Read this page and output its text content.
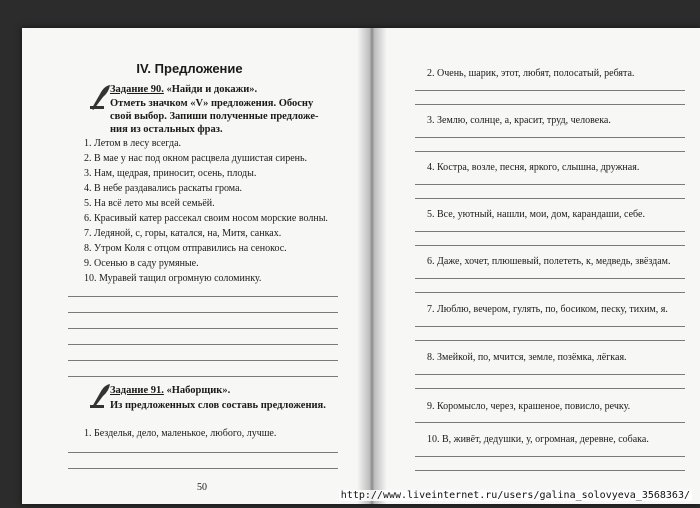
IV. Предложение
Задание 90. «Найди и докажи».
Отметь значком «V» предложения. Обосну
свой выбор. Запиши полученные предложе-
ния из остальных фраз.
1. Летом в лесу всегда.
2. В мае у нас под окном расцвела душистая сирень.
3. Нам, щедрая, приносит, осень, плоды.
4. В небе раздавались раскаты грома.
5. На всё лето мы всей семьёй.
6. Красивый катер рассекал своим носом морские волны.
7. Ледяной, с, горы, катался, на, Митя, санках.
8. Утром Коля с отцом отправились на сенокос.
9. Осенью в саду румяные.
10. Муравей тащил огромную соломинку.
Задание 91. «Наборщик».
Из предложенных слов составь предложения.
1. Безделья, дело, маленькое, любого, лучше.
50
2. Очень, шарик, этот, любят, полосатый, ребята.
3. Землю, солнце, а, красит, труд, человека.
4. Костра, возле, песня, яркого, слышна, дружная.
5. Все, уютный, нашли, мои, дом, карандаши, себе.
6. Даже, хочет, плюшевый, полететь, к, медведь, звёздам.
7. Люблю, вечером, гулять, по, босиком, песку, тихим, я.
8. Змейкой, по, мчится, земле, позёмка, лёгкая.
9. Коромысло, через, крашеное, повисло, речку.
10. В, живёт, дедушки, у, огромная, деревне, собака.
http://www.liveinternet.ru/users/galina_solovyeva_3568363/
